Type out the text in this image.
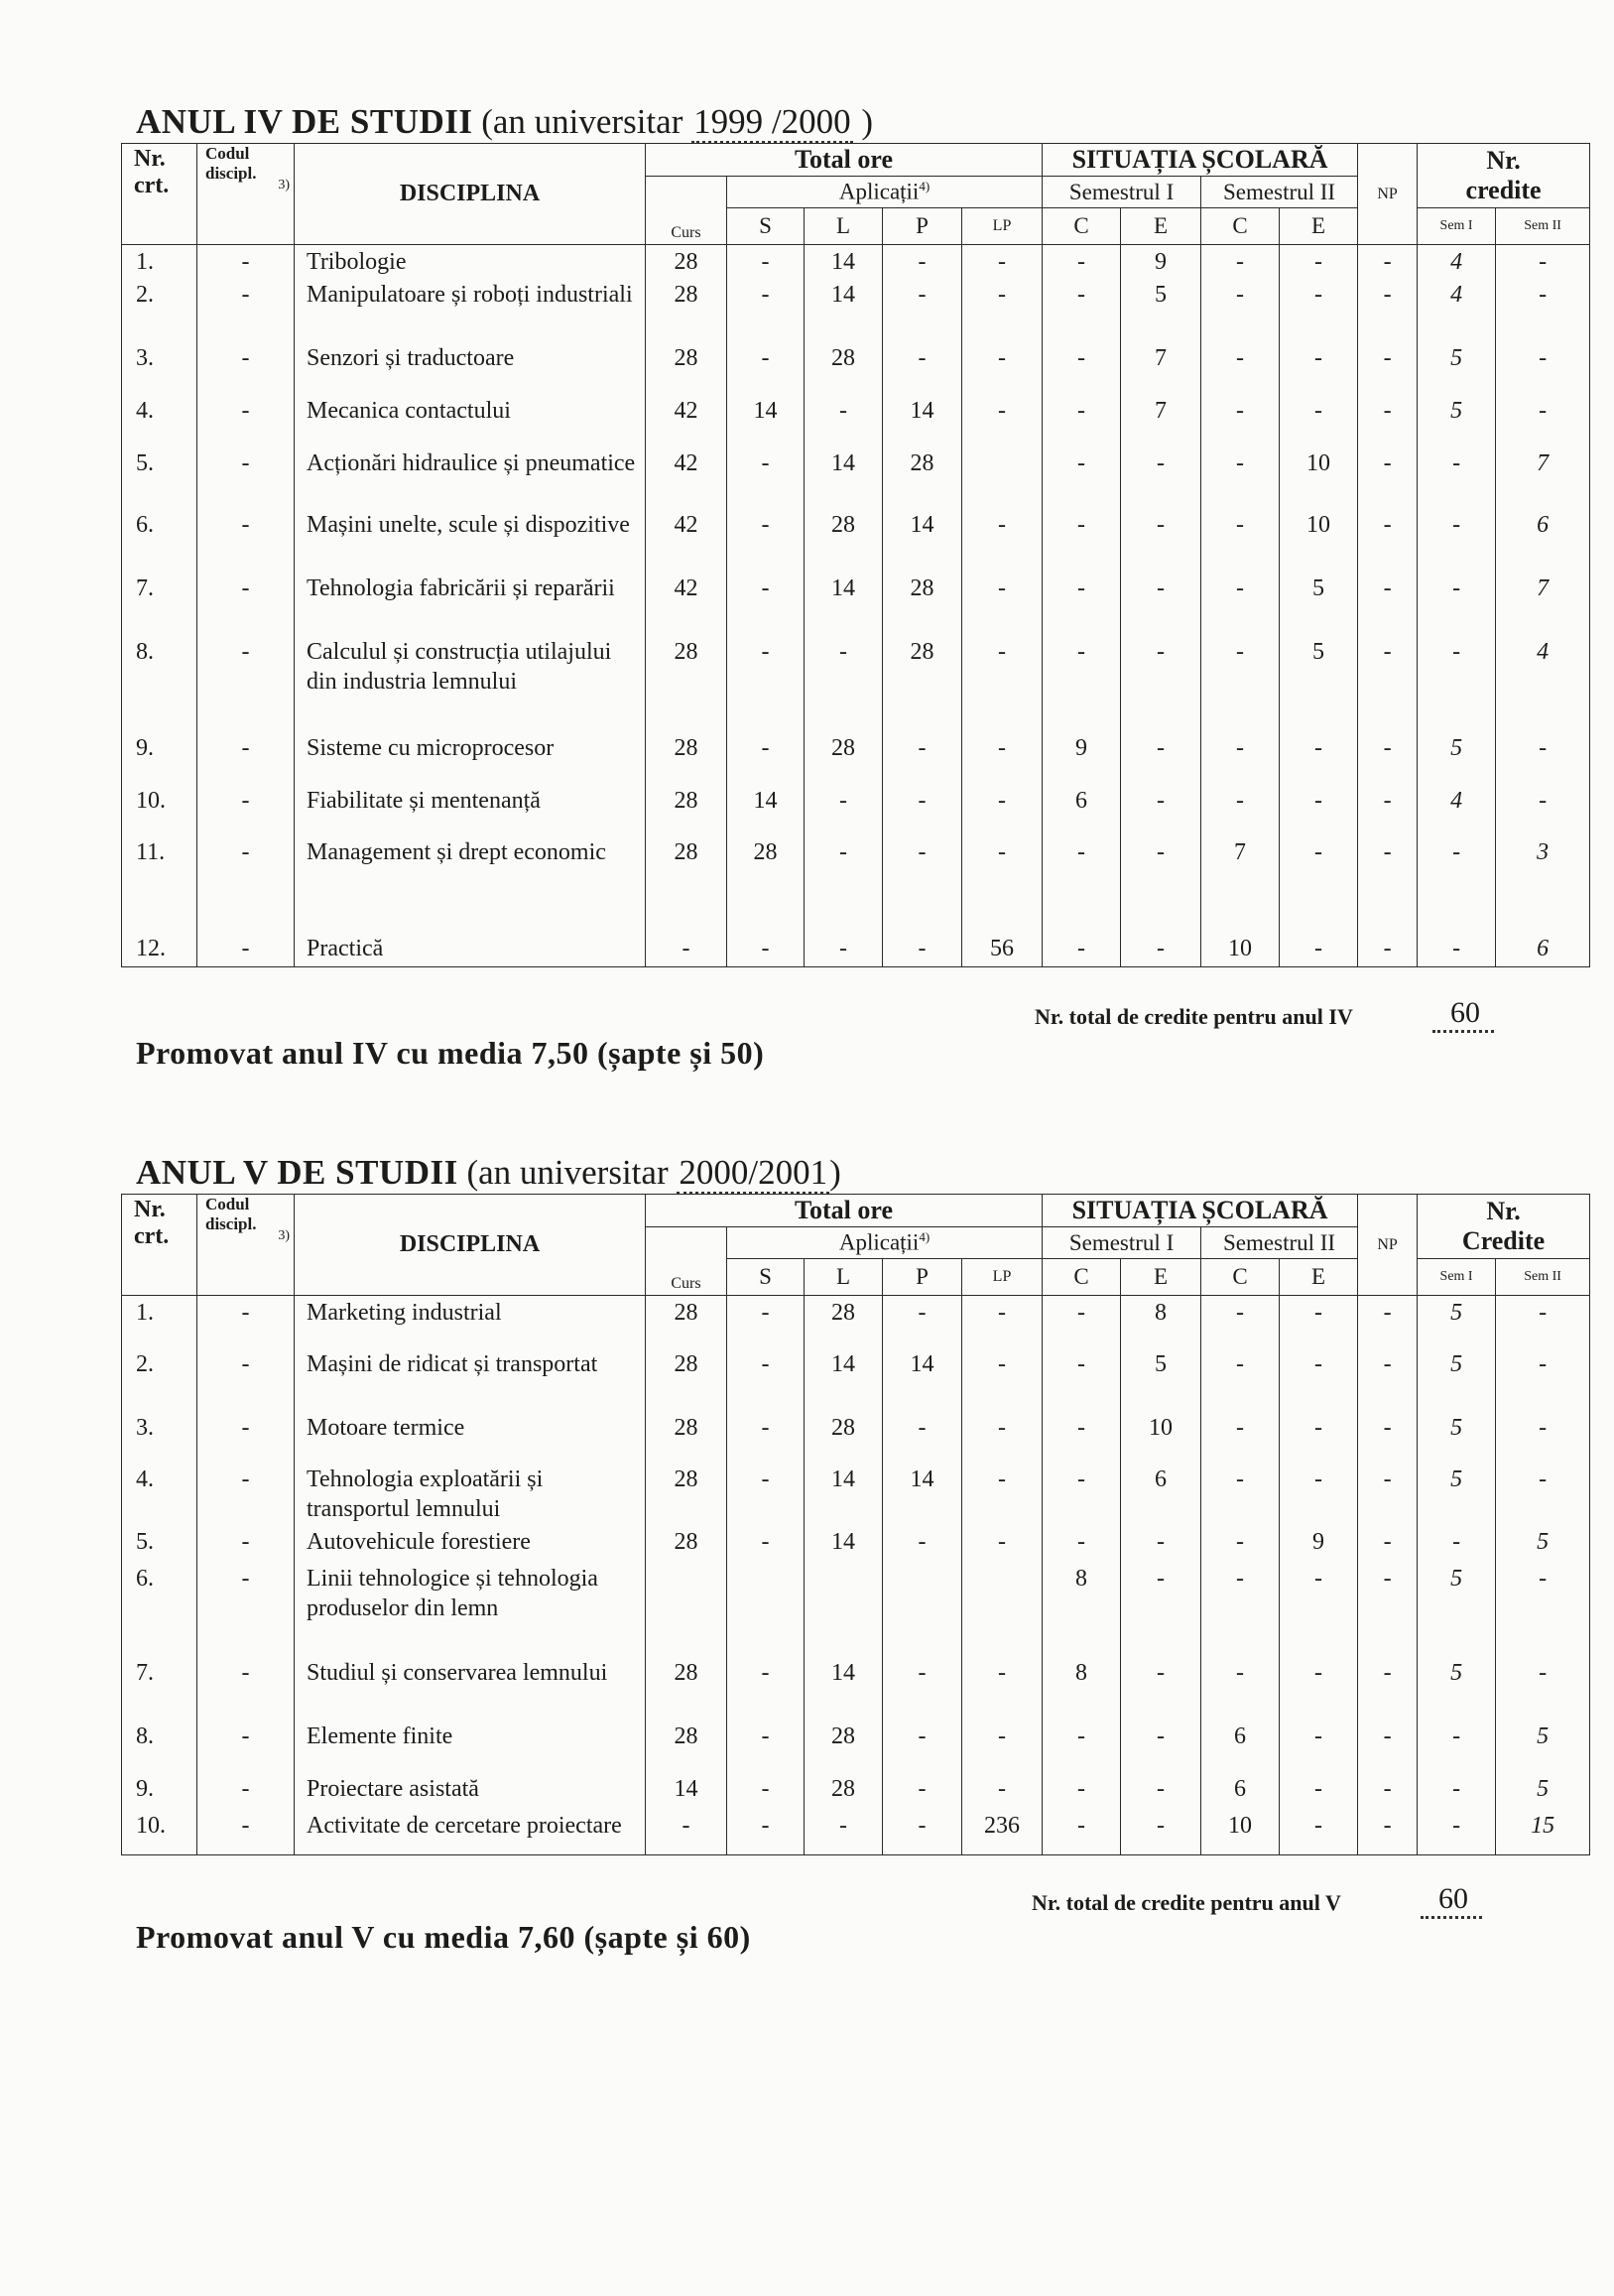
ANUL IV DE STUDII (an universitar 1999 /2000 )
Nr.
crt.	Codul
discipl.

3)	DISCIPLINA	Total ore					SITUAȚIA ȘCOLARĂ				NP	Nr.
credite	
			Curs	Aplicații$^{4)}$				Semestrul I		Semestrul II				
				S	L	P	LP	C	E	C	E		Sem I	Sem II
1.	-	Tribologie	28	-	14	-	-	-	9	-	-	-	4	-
2.	-	Manipulatoare și roboți industriali	28	-	14	-	-	-	5	-	-	-	4	-
3.	-	Senzori și traductoare	28	-	28	-	-	-	7	-	-	-	5	-
4.	-	Mecanica contactului	42	14	-	14	-	-	7	-	-	-	5	-
5.	-	Acționări hidraulice și pneumatice	42	-	14	28		-	-	-	10	-	-	7
6.	-	Mașini unelte, scule și dispozitive	42	-	28	14	-	-	-	-	10	-	-	6
7.	-	Tehnologia fabricării și reparării	42	-	14	28	-	-	-	-	5	-	-	7
8.	-	Calculul și construcția utilajului din industria lemnului	28	-	-	28	-	-	-	-	5	-	-	4
9.	-	Sisteme cu microprocesor	28	-	28	-	-	9	-	-	-	-	5	-
10.	-	Fiabilitate și mentenanță	28	14	-	-	-	6	-	-	-	-	4	-
11.	-	Management și drept economic	28	28	-	-	-	-	-	7	-	-	-	3
12.	-	Practică	-	-	-	-	56	-	-	10	-	-	-	6
Nr. total de credite pentru anul IV	60
Promovat anul IV cu media 7,50 (șapte și 50)
ANUL V DE STUDII (an universitar 2000/2001)
Nr.
crt.	Codul
discipl.

3)	DISCIPLINA	Total ore					SITUAȚIA ȘCOLARĂ				NP	Nr.
Credite	
			Curs	Aplicații$^{4)}$				Semestrul I		Semestrul II				
				S	L	P	LP	C	E	C	E		Sem I	Sem II
1.	-	Marketing industrial	28	-	28	-	-	-	8	-	-	-	5	-
2.	-	Mașini de ridicat și transportat	28	-	14	14	-	-	5	-	-	-	5	-
3.	-	Motoare termice	28	-	28	-	-	-	10	-	-	-	5	-
4.	-	Tehnologia exploatării și transportul lemnului	28	-	14	14	-	-	6	-	-	-	5	-
5.	-	Autovehicule forestiere	28	-	14	-	-	-	-	-	9	-	-	5
6.	-	Linii tehnologice și tehnologia produselor din lemn						8	-	-	-	-	5	-
7.	-	Studiul și conservarea lemnului	28	-	14	-	-	8	-	-	-	-	5	-
8.	-	Elemente finite	28	-	28	-	-	-	-	6	-	-	-	5
9.	-	Proiectare asistată	14	-	28	-	-	-	-	6	-	-	-	5
10.	-	Activitate de cercetare proiectare	-	-	-	-	236	-	-	10	-	-	-	15
Nr. total de credite pentru anul V	60
Promovat anul V cu media 7,60 (șapte și 60)
